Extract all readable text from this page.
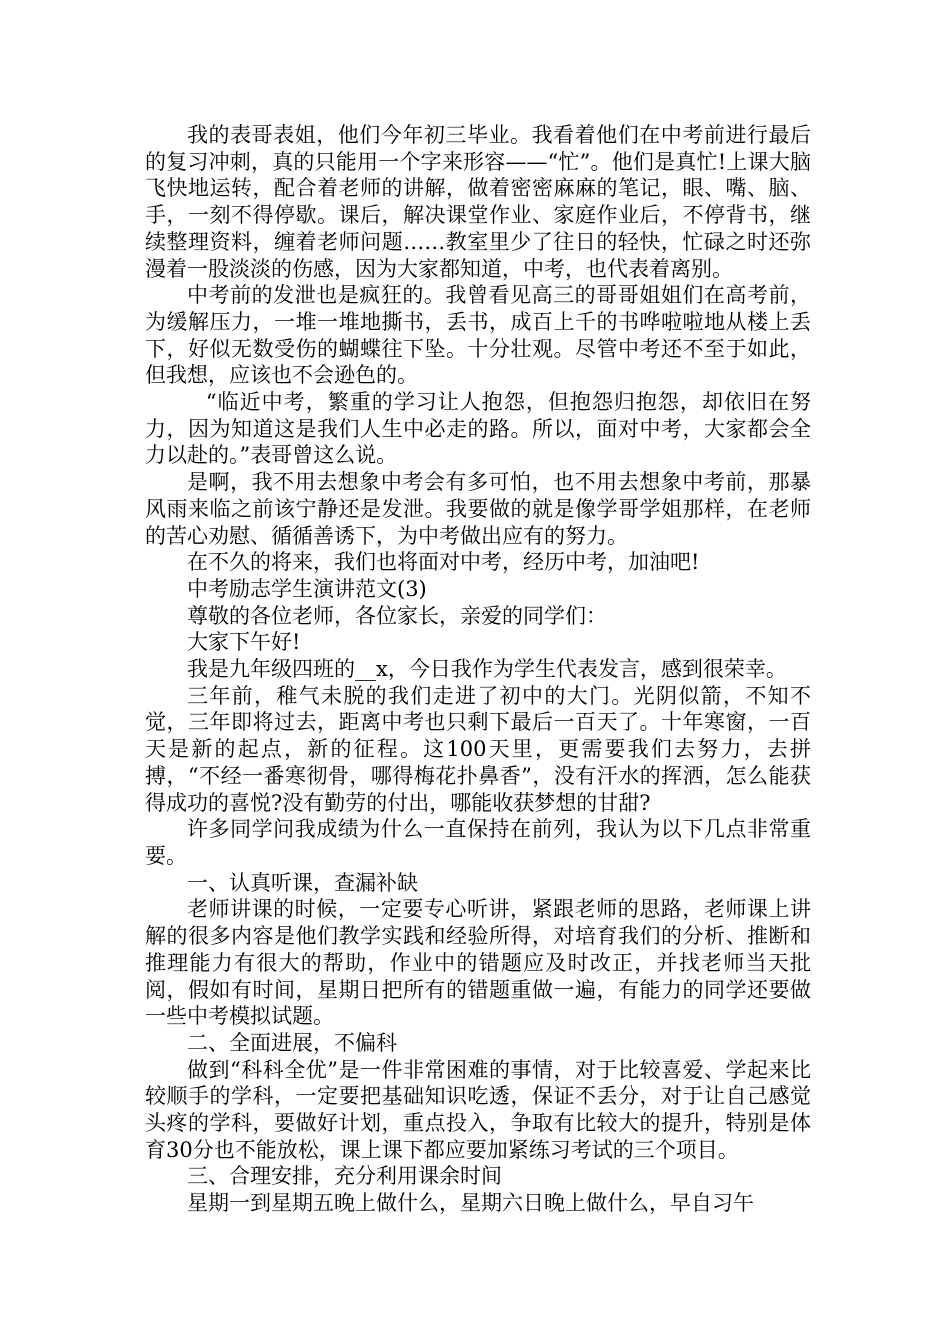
我的表哥表姐，他们今年初三毕业。我看着他们在中考前进行最后的复习冲刺，真的只能用一个字来形容——“忙”。他们是真忙!上课大脑飞快地运转，配合着老师的讲解，做着密密麻麻的笔记，眼、嘴、脑、手，一刻不得停歇。课后，解决课堂作业、家庭作业后，不停背书，继续整理资料，缠着老师问题……教室里少了往日的轻快，忙碌之时还弥漫着一股淡淡的伤感，因为大家都知道，中考，也代表着离别。

中考前的发泄也是疯狂的。我曾看见高三的哥哥姐姐们在高考前，为缓解压力，一堆一堆地撕书，丢书，成百上千的书哗啦啦地从楼上丢下，好似无数受伤的蝴蝶往下坠。十分壮观。尽管中考还不至于如此，但我想，应该也不会逊色的。

“临近中考，繁重的学习让人抱怨，但抱怨归抱怨，却依旧在努力，因为知道这是我们人生中必走的路。所以，面对中考，大家都会全力以赴的。”表哥曾这么说。

是啊，我不用去想象中考会有多可怕，也不用去想象中考前，那暴风雨来临之前该宁静还是发泄。我要做的就是像学哥学姐那样，在老师的苦心劝慰、循循善诱下，为中考做出应有的努力。

在不久的将来，我们也将面对中考，经历中考，加油吧!

中考励志学生演讲范文(3)

尊敬的各位老师，各位家长，亲爱的同学们：

大家下午好!

我是九年级四班的__x，今日我作为学生代表发言，感到很荣幸。

三年前，稚气未脱的我们走进了初中的大门。光阴似箭，不知不觉，三年即将过去，距离中考也只剩下最后一百天了。十年寒窗，一百天是新的起点，新的征程。这100天里，更需要我们去努力，去拼搏，“不经一番寒彻骨，哪得梅花扑鼻香”，没有汗水的挥洒，怎么能获得成功的喜悦?没有勤劳的付出，哪能收获梦想的甘甜?

许多同学问我成绩为什么一直保持在前列，我认为以下几点非常重要。

一、认真听课，查漏补缺

老师讲课的时候，一定要专心听讲，紧跟老师的思路，老师课上讲解的很多内容是他们教学实践和经验所得，对培育我们的分析、推断和推理能力有很大的帮助，作业中的错题应及时改正，并找老师当天批阅，假如有时间，星期日把所有的错题重做一遍，有能力的同学还要做一些中考模拟试题。

二、全面进展，不偏科

做到“科科全优”是一件非常困难的事情，对于比较喜爱、学起来比较顺手的学科，一定要把基础知识吃透，保证不丢分，对于让自己感觉头疼的学科，要做好计划，重点投入，争取有比较大的提升，特别是体育30分也不能放松，课上课下都应要加紧练习考试的三个项目。

三、合理安排，充分利用课余时间

星期一到星期五晚上做什么，星期六日晚上做什么，早自习午
